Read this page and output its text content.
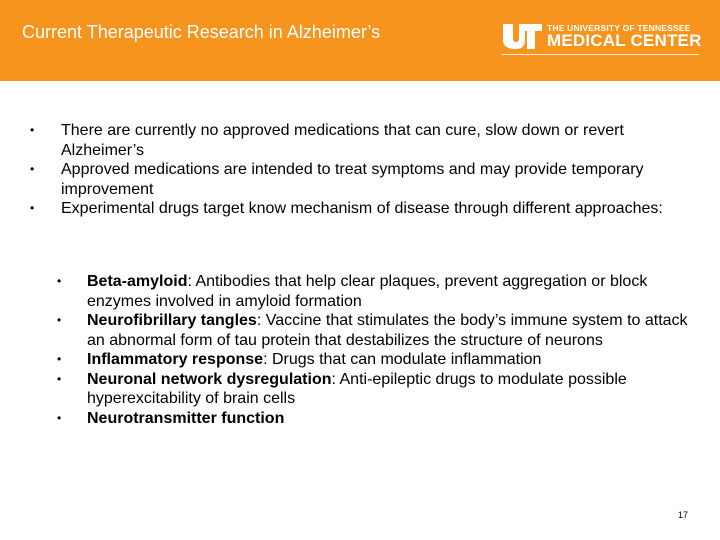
Current Therapeutic Research in Alzheimer’s	THE UNIVERSITY OF TENNESSEE
MEDICAL CENTER
• There are currently no approved medications that can cure, slow down or revert Alzheimer’s
• Approved medications are intended to treat symptoms and may provide temporary improvement
• Experimental drugs target know mechanism of disease through different approaches:
• Beta-amyloid: Antibodies that help clear plaques, prevent aggregation or block enzymes involved in amyloid formation
• Neurofibrillary tangles: Vaccine that stimulates the body’s immune system to attack an abnormal form of tau protein that destabilizes the structure of neurons
• Inflammatory response: Drugs that can modulate inflammation
• Neuronal network dysregulation: Anti-epileptic drugs to modulate possible hyperexcitability of brain cells
• Neurotransmitter function
17
